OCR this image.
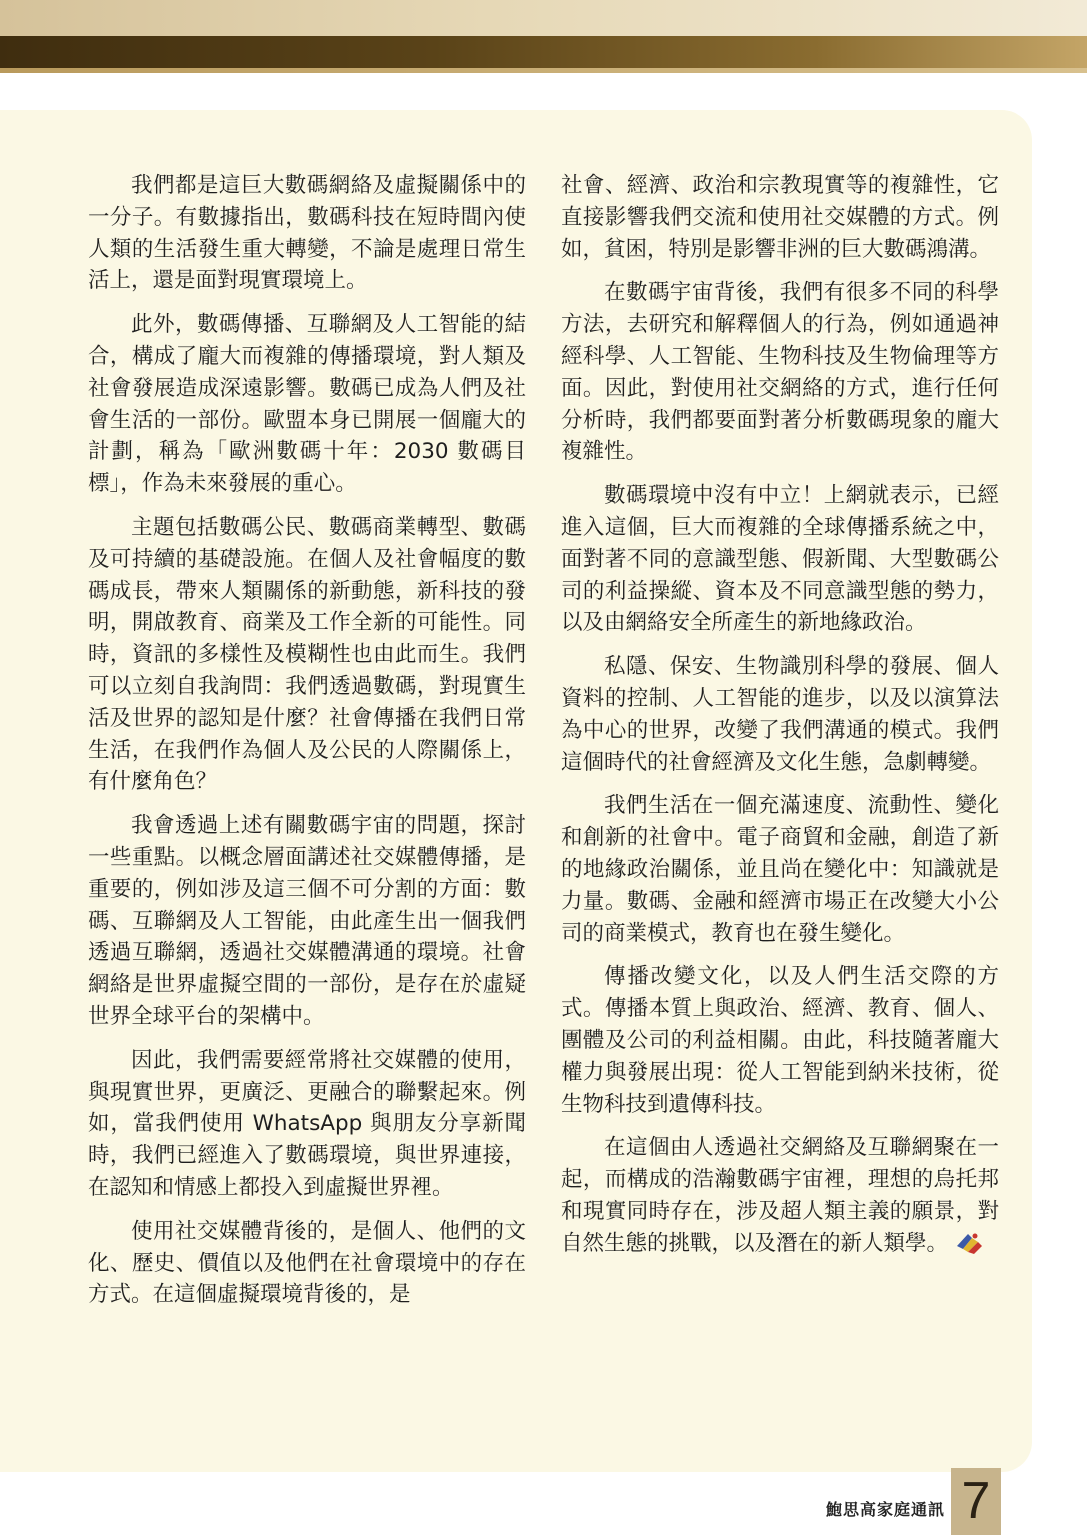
我們都是這巨大數碼網絡及虛擬關係中的一分子。有數據指出，數碼科技在短時間內使人類的生活發生重大轉變，不論是處理日常生活上，還是面對現實環境上。

此外，數碼傳播、互聯網及人工智能的結合，構成了龐大而複雜的傳播環境，對人類及社會發展造成深遠影響。數碼已成為人們及社會生活的一部份。歐盟本身已開展一個龐大的計劃，稱為「歐洲數碼十年：2030 數碼目標」，作為未來發展的重心。

主題包括數碼公民、數碼商業轉型、數碼及可持續的基礎設施。在個人及社會幅度的數碼成長，帶來人類關係的新動態，新科技的發明，開啟教育、商業及工作全新的可能性。同時，資訊的多樣性及模糊性也由此而生。我們可以立刻自我詢問：我們透過數碼，對現實生活及世界的認知是什麼？社會傳播在我們日常生活，在我們作為個人及公民的人際關係上，有什麼角色？

我會透過上述有關數碼宇宙的問題，探討一些重點。以概念層面講述社交媒體傳播，是重要的，例如涉及這三個不可分割的方面：數碼、互聯網及人工智能，由此產生出一個我們透過互聯網，透過社交媒體溝通的環境。社會網絡是世界虛擬空間的一部份，是存在於虛疑世界全球平台的架構中。

因此，我們需要經常將社交媒體的使用，與現實世界，更廣泛、更融合的聯繫起來。例如，當我們使用 WhatsApp 與朋友分享新聞時，我們已經進入了數碼環境，與世界連接，在認知和情感上都投入到虛擬世界裡。

使用社交媒體背後的，是個人、他們的文化、歷史、價值以及他們在社會環境中的存在方式。在這個虛擬環境背後的，是

社會、經濟、政治和宗教現實等的複雜性，它直接影響我們交流和使用社交媒體的方式。例如，貧困，特別是影響非洲的巨大數碼鴻溝。

在數碼宇宙背後，我們有很多不同的科學方法，去研究和解釋個人的行為，例如通過神經科學、人工智能、生物科技及生物倫理等方面。因此，對使用社交網絡的方式，進行任何分析時，我們都要面對著分析數碼現象的龐大複雜性。

數碼環境中沒有中立！上網就表示，已經進入這個，巨大而複雜的全球傳播系統之中，面對著不同的意識型態、假新聞、大型數碼公司的利益操縱、資本及不同意識型態的勢力，以及由網絡安全所產生的新地緣政治。

私隱、保安、生物識別科學的發展、個人資料的控制、人工智能的進步，以及以演算法為中心的世界，改變了我們溝通的模式。我們這個時代的社會經濟及文化生態，急劇轉變。

我們生活在一個充滿速度、流動性、變化和創新的社會中。電子商貿和金融，創造了新的地緣政治關係，並且尚在變化中：知識就是力量。數碼、金融和經濟市場正在改變大小公司的商業模式，教育也在發生變化。

傳播改變文化，以及人們生活交際的方式。傳播本質上與政治、經濟、教育、個人、團體及公司的利益相關。由此，科技隨著龐大權力與發展出現：從人工智能到納米技術，從生物科技到遺傳科技。

在這個由人透過社交網絡及互聯網聚在一起，而構成的浩瀚數碼宇宙裡，理想的烏托邦和現實同時存在，涉及超人類主義的願景，對自然生態的挑戰，以及潛在的新人類學。

鮑思高家庭通訊 7
